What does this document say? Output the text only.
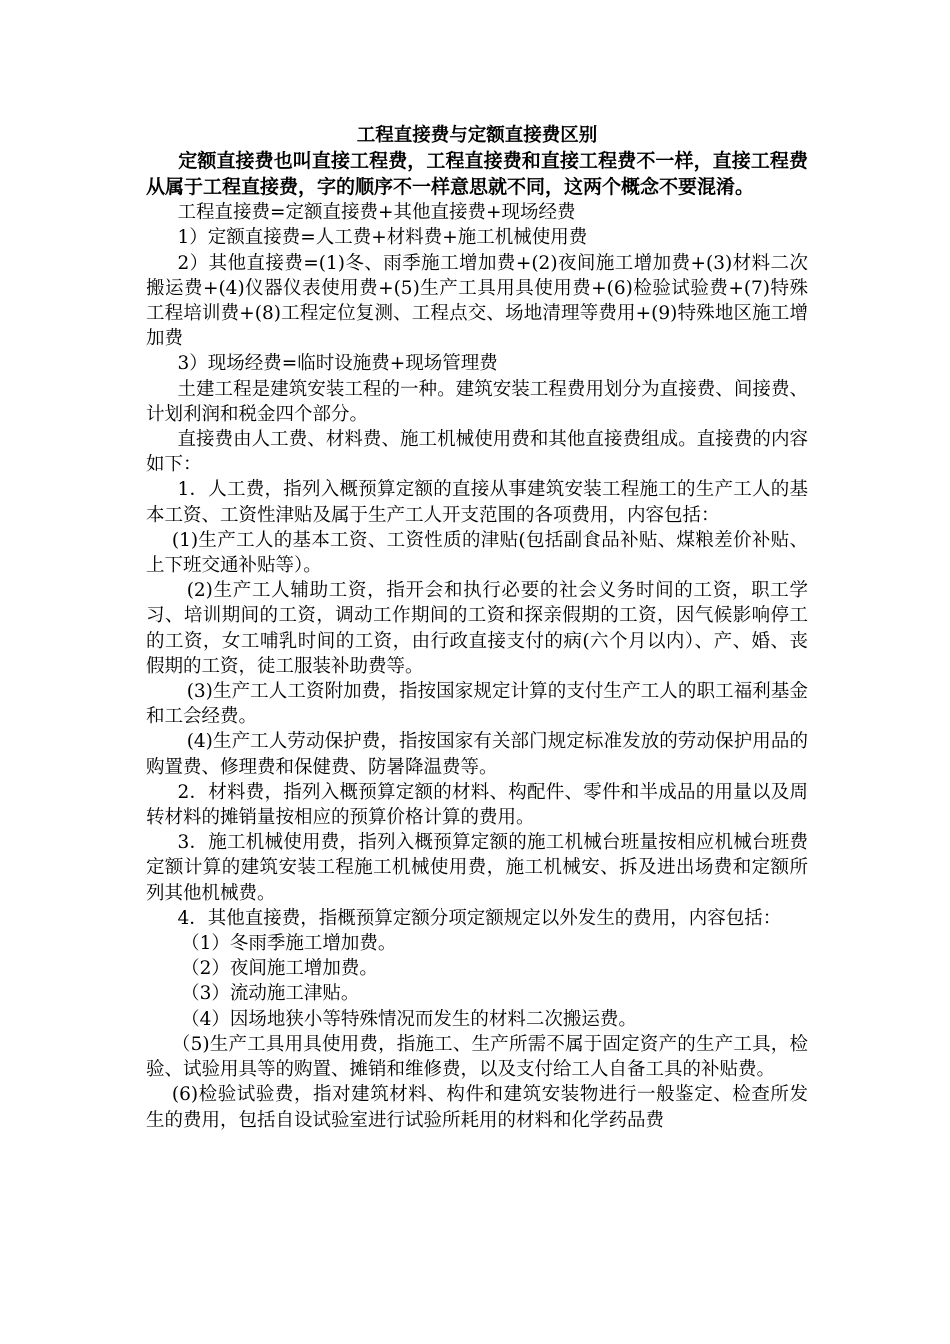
工程直接费与定额直接费区别

定额直接费也叫直接工程费，工程直接费和直接工程费不一样，直接工程费从属于工程直接费，字的顺序不一样意思就不同，这两个概念不要混淆。

工程直接费=定额直接费+其他直接费+现场经费

1）定额直接费=人工费+材料费+施工机械使用费

2）其他直接费=(1)冬、雨季施工增加费+(2)夜间施工增加费+(3)材料二次搬运费+(4)仪器仪表使用费+(5)生产工具用具使用费+(6)检验试验费+(7)特殊工程培训费+(8)工程定位复测、工程点交、场地清理等费用+(9)特殊地区施工增加费

3）现场经费=临时设施费+现场管理费

土建工程是建筑安装工程的一种。建筑安装工程费用划分为直接费、间接费、计划利润和税金四个部分。

直接费由人工费、材料费、施工机械使用费和其他直接费组成。直接费的内容如下：

1．人工费，指列入概预算定额的直接从事建筑安装工程施工的生产工人的基本工资、工资性津贴及属于生产工人开支范围的各项费用，内容包括：

(1)生产工人的基本工资、工资性质的津贴(包括副食品补贴、煤粮差价补贴、上下班交通补贴等）。

(2)生产工人辅助工资，指开会和执行必要的社会义务时间的工资，职工学习、培训期间的工资，调动工作期间的工资和探亲假期的工资，因气候影响停工的工资，女工哺乳时间的工资，由行政直接支付的病(六个月以内）、产、婚、丧假期的工资，徒工服装补助费等。

(3)生产工人工资附加费，指按国家规定计算的支付生产工人的职工福利基金和工会经费。

(4)生产工人劳动保护费，指按国家有关部门规定标准发放的劳动保护用品的购置费、修理费和保健费、防暑降温费等。

2．材料费，指列入概预算定额的材料、构配件、零件和半成品的用量以及周转材料的摊销量按相应的预算价格计算的费用。

3．施工机械使用费，指列入概预算定额的施工机械台班量按相应机械台班费定额计算的建筑安装工程施工机械使用费，施工机械安、拆及进出场费和定额所列其他机械费。

4．其他直接费，指概预算定额分项定额规定以外发生的费用，内容包括：

（1）冬雨季施工增加费。

（2）夜间施工增加费。

（3）流动施工津贴。

（4）因场地狭小等特殊情况而发生的材料二次搬运费。

（5)生产工具用具使用费，指施工、生产所需不属于固定资产的生产工具，检验、试验用具等的购置、摊销和维修费，以及支付给工人自备工具的补贴费。

(6)检验试验费，指对建筑材料、构件和建筑安装物进行一般鉴定、检查所发生的费用，包括自设试验室进行试验所耗用的材料和化学药品费
